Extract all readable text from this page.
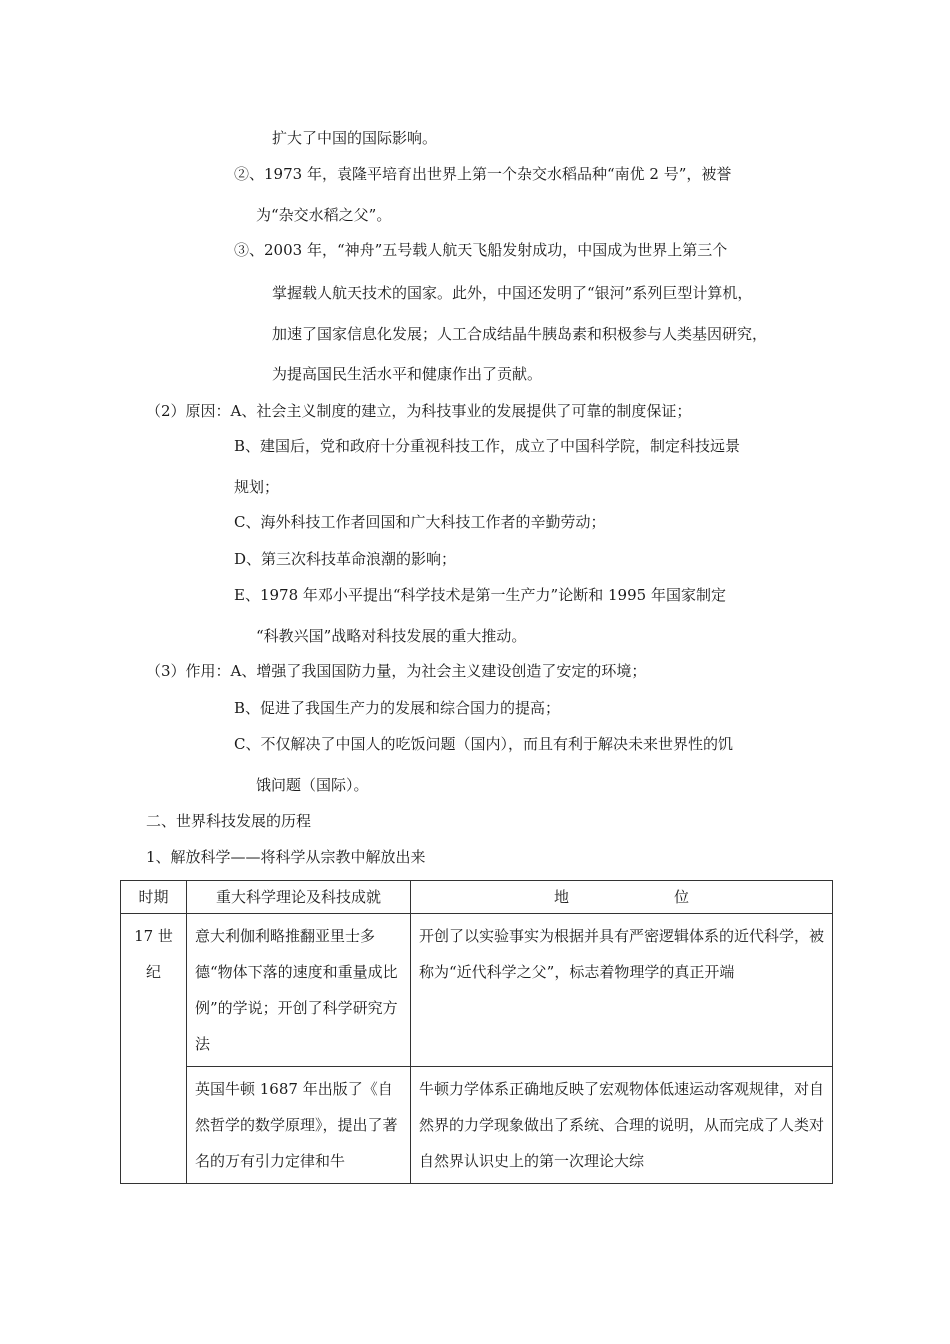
扩大了中国的国际影响。
②、1973 年，袁隆平培育出世界上第一个杂交水稻品种“南优 2 号”，被誉
为“杂交水稻之父”。
③、2003 年，“神舟”五号载人航天飞船发射成功，中国成为世界上第三个
掌握载人航天技术的国家。此外，中国还发明了“银河”系列巨型计算机，
加速了国家信息化发展；人工合成结晶牛胰岛素和积极参与人类基因研究，
为提高国民生活水平和健康作出了贡献。
（2）原因：A、社会主义制度的建立，为科技事业的发展提供了可靠的制度保证；
B、建国后，党和政府十分重视科技工作，成立了中国科学院，制定科技远景
规划；
C、海外科技工作者回国和广大科技工作者的辛勤劳动；
D、第三次科技革命浪潮的影响；
E、1978 年邓小平提出“科学技术是第一生产力”论断和 1995 年国家制定
“科教兴国”战略对科技发展的重大推动。
（3）作用：A、增强了我国国防力量，为社会主义建设创造了安定的环境；
B、促进了我国生产力的发展和综合国力的提高；
C、不仅解决了中国人的吃饭问题（国内），而且有利于解决未来世界性的饥
饿问题（国际）。
二、世界科技发展的历程
1、解放科学——将科学从宗教中解放出来
时期	重大科学理论及科技成就	地　　　　　　　位
17 世纪	意大利伽利略推翻亚里士多德“物体下落的速度和重量成比例”的学说；开创了科学研究方法	开创了以实验事实为根据并具有严密逻辑体系的近代科学，被称为“近代科学之父”，标志着物理学的真正开端
	英国牛顿 1687 年出版了《自然哲学的数学原理》，提出了著名的万有引力定律和牛	牛顿力学体系正确地反映了宏观物体低速运动客观规律，对自然界的力学现象做出了系统、合理的说明，从而完成了人类对自然界认识史上的第一次理论大综
